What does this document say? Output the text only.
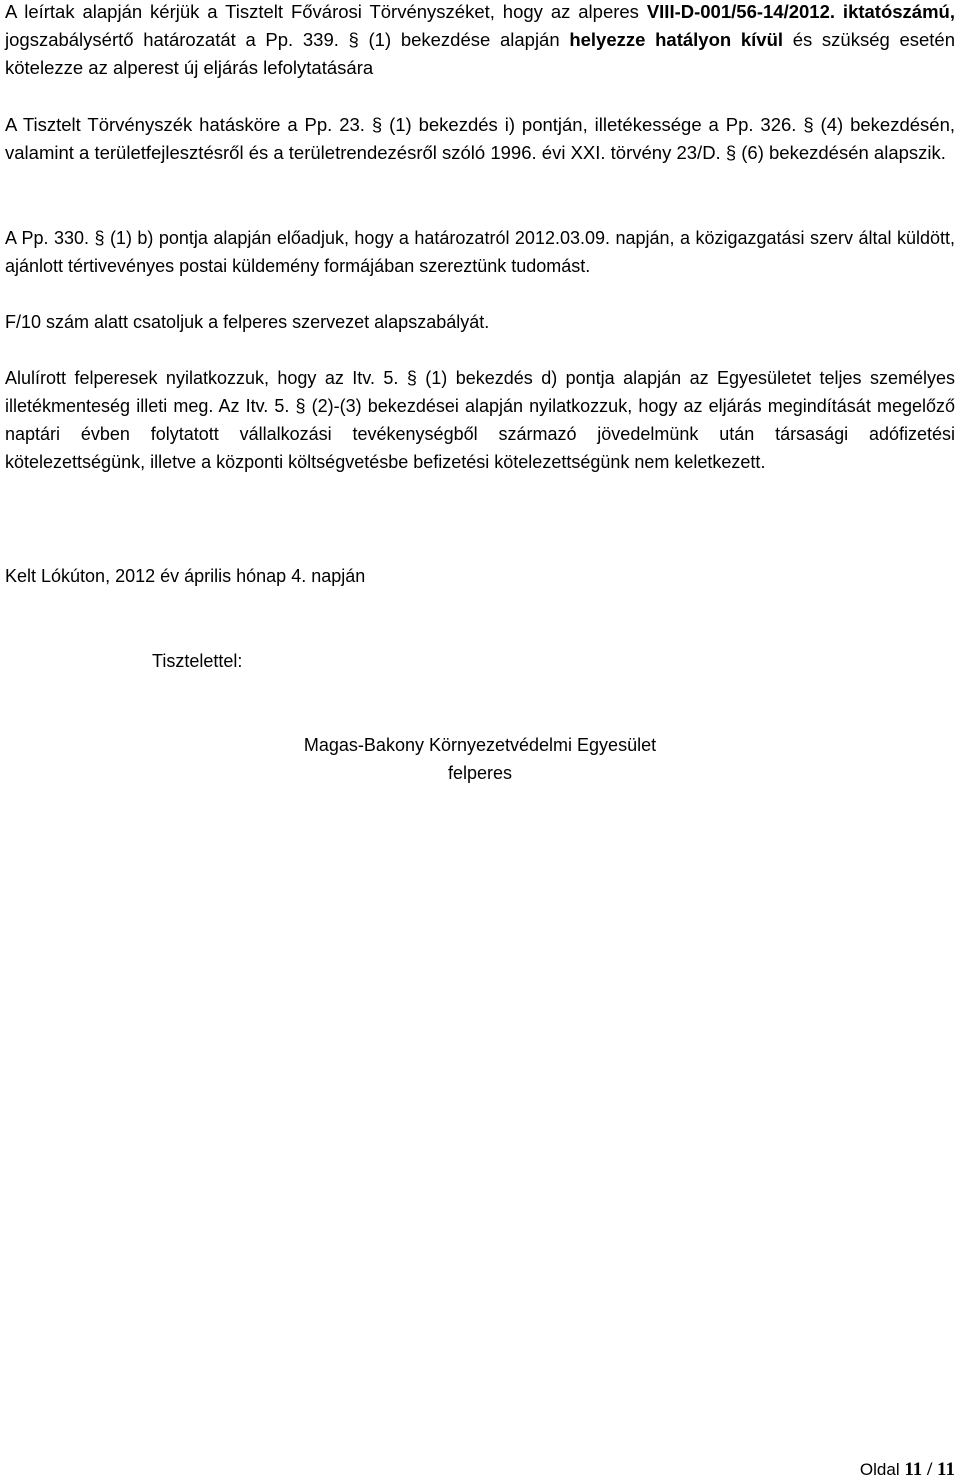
A leírtak alapján kérjük a Tisztelt Fővárosi Törvényszéket, hogy az alperes VIII-D-001/56-14/2012. iktatószámú, jogszabálysértő határozatát a Pp. 339. § (1) bekezdése alapján helyezze hatályon kívül és szükség esetén kötelezze az alperest új eljárás lefolytatására

A Tisztelt Törvényszék hatásköre a Pp. 23. § (1) bekezdés i) pontján, illetékessége a Pp. 326. § (4) bekezdésén, valamint a területfejlesztésről és a területrendezésről szóló 1996. évi XXI. törvény 23/D. § (6) bekezdésén alapszik.

A Pp. 330. § (1) b) pontja alapján előadjuk, hogy a határozatról 2012.03.09. napján, a közigazgatási szerv által küldött, ajánlott tértivevényes postai küldemény formájában szereztünk tudomást.

F/10 szám alatt csatoljuk a felperes szervezet alapszabályát.

Alulírott felperesek nyilatkozzuk, hogy az Itv. 5. § (1) bekezdés d) pontja alapján az Egyesületet teljes személyes illetékmenteség illeti meg. Az Itv. 5. § (2)-(3) bekezdései alapján nyilatkozzuk, hogy az eljárás megindítását megelőző naptári évben folytatott vállalkozási tevékenységből származó jövedelmünk után társasági adófizetési kötelezettségünk, illetve a központi költségvetésbe befizetési kötelezettségünk nem keletkezett.

Kelt Lókúton, 2012 év április hónap 4. napján

Tisztelettel:

Magas-Bakony Környezetvédelmi Egyesület

felperes

Oldal 11 / 11
